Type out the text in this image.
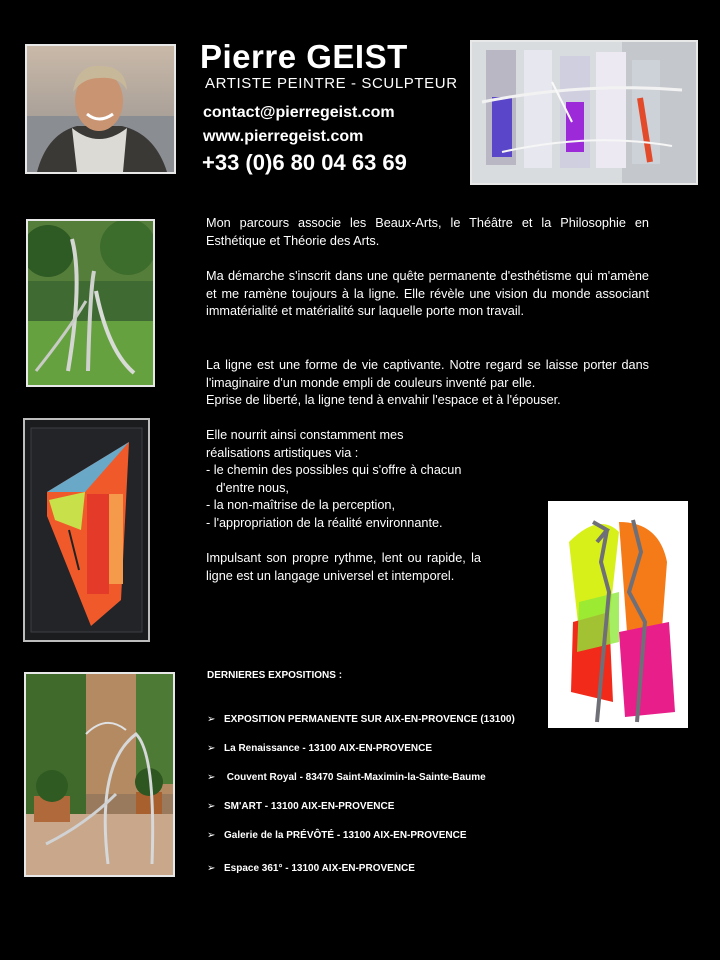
Pierre GEIST
ARTISTE PEINTRE - SCULPTEUR
contact@pierregeist.com
www.pierregeist.com
+33 (0)6 80 04 63 69
Mon parcours associe les Beaux-Arts, le Théâtre et la Philosophie en Esthétique et Théorie des Arts.
Ma démarche s'inscrit dans une quête permanente d'esthétisme qui m'amène et me ramène toujours à la ligne. Elle révèle une vision du monde associant immatérialité et matérialité sur laquelle porte mon travail.
La ligne est une forme de vie captivante. Notre regard se laisse porter dans l'imaginaire d'un monde empli de couleurs inventé par elle.
Eprise de liberté, la ligne tend à envahir l'espace et à l'épouser.
Elle nourrit ainsi constamment mes
réalisations artistiques via :
- le chemin des possibles qui s'offre à chacun
d'entre nous,
- la non-maîtrise de la perception,
- l'appropriation de la réalité environnante.
Impulsant son propre rythme, lent ou rapide, la ligne est un langage universel et intemporel.
DERNIERES EXPOSITIONS :
➢ EXPOSITION PERMANENTE SUR AIX-EN-PROVENCE (13100)
➢ La Renaissance - 13100 AIX-EN-PROVENCE
➢ Couvent Royal - 83470 Saint-Maximin-la-Sainte-Baume
➢ SM'ART - 13100 AIX-EN-PROVENCE
➢ Galerie de la PRÉVÔTÉ - 13100 AIX-EN-PROVENCE
➢ Espace 361° - 13100 AIX-EN-PROVENCE
